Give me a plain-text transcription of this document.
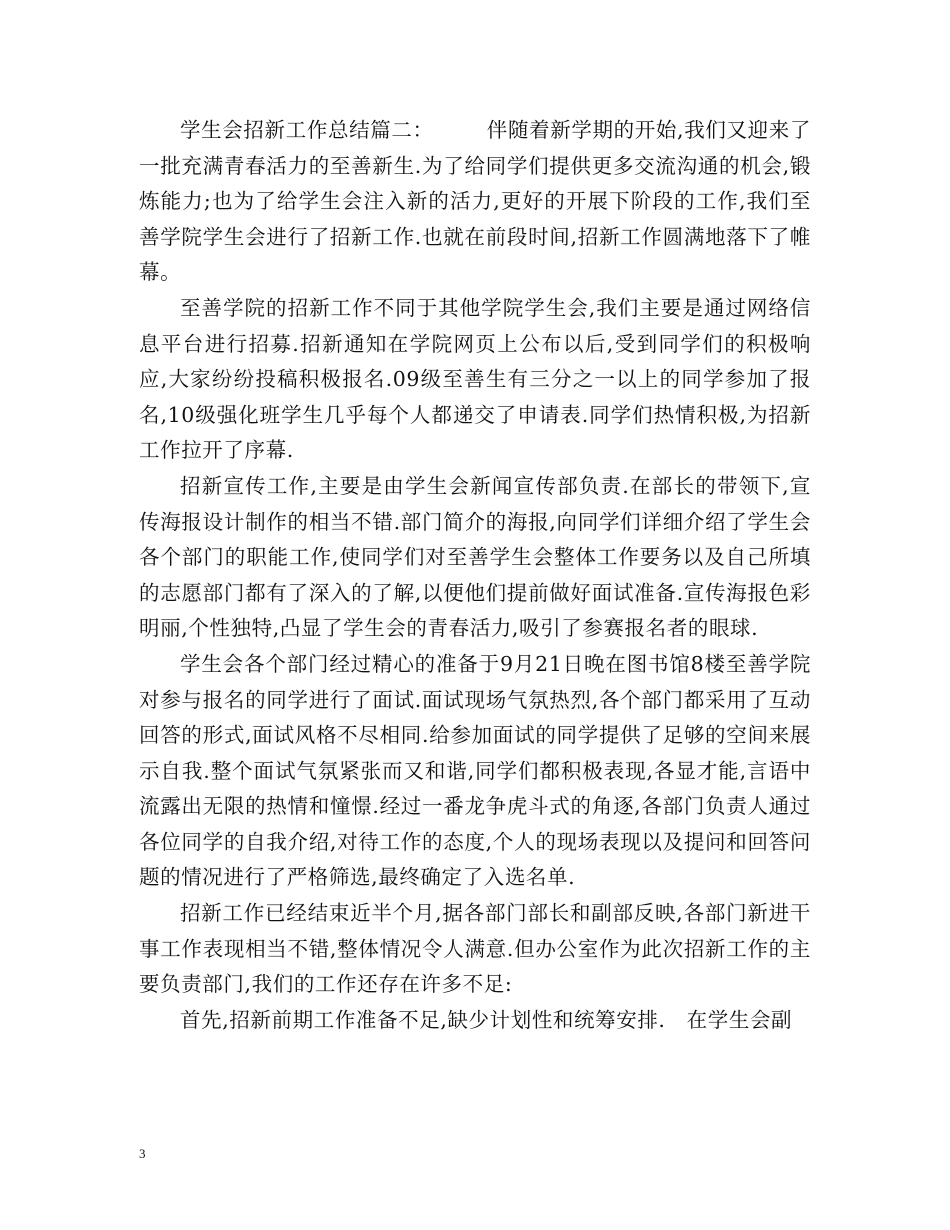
学生会招新工作总结篇二：　　　伴随着新学期的开始,我们又迎来了一批充满青春活力的至善新生.为了给同学们提供更多交流沟通的机会,锻炼能力;也为了给学生会注入新的活力,更好的开展下阶段的工作,我们至善学院学生会进行了招新工作.也就在前段时间,招新工作圆满地落下了帷幕。

至善学院的招新工作不同于其他学院学生会,我们主要是通过网络信息平台进行招募.招新通知在学院网页上公布以后,受到同学们的积极响应,大家纷纷投稿积极报名.09级至善生有三分之一以上的同学参加了报名,10级强化班学生几乎每个人都递交了申请表.同学们热情积极,为招新工作拉开了序幕.

招新宣传工作,主要是由学生会新闻宣传部负责.在部长的带领下,宣传海报设计制作的相当不错.部门简介的海报,向同学们详细介绍了学生会各个部门的职能工作,使同学们对至善学生会整体工作要务以及自己所填的志愿部门都有了深入的了解,以便他们提前做好面试准备.宣传海报色彩明丽,个性独特,凸显了学生会的青春活力,吸引了参赛报名者的眼球.

学生会各个部门经过精心的准备于9月21日晚在图书馆8楼至善学院对参与报名的同学进行了面试.面试现场气氛热烈,各个部门都采用了互动回答的形式,面试风格不尽相同.给参加面试的同学提供了足够的空间来展示自我.整个面试气氛紧张而又和谐,同学们都积极表现,各显才能,言语中流露出无限的热情和憧憬.经过一番龙争虎斗式的角逐,各部门负责人通过各位同学的自我介绍,对待工作的态度,个人的现场表现以及提问和回答问题的情况进行了严格筛选,最终确定了入选名单.

招新工作已经结束近半个月,据各部门部长和副部反映,各部门新进干事工作表现相当不错,整体情况令人满意.但办公室作为此次招新工作的主要负责部门,我们的工作还存在许多不足:

首先,招新前期工作准备不足,缺少计划性和统筹安排.　在学生会副

3
